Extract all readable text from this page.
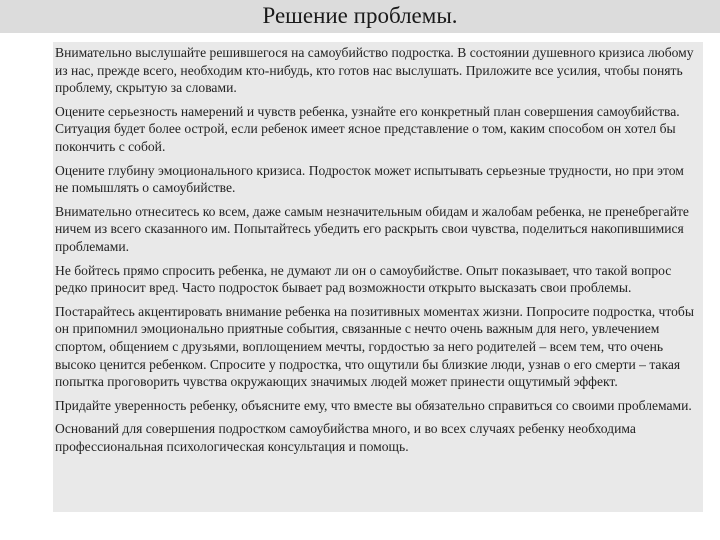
Решение проблемы.

Внимательно выслушайте решившегося на самоубийство подростка. В состоянии душевного кризиса любому из нас, прежде всего, необходим кто-нибудь, кто готов нас выслушать. Приложите все усилия, чтобы понять проблему, скрытую за словами.

Оцените серьезность намерений и чувств ребенка, узнайте его конкретный план совершения самоубийства. Ситуация будет более острой, если ребенок имеет ясное представление о том, каким способом он хотел бы покончить с собой.

Оцените глубину эмоционального кризиса. Подросток может испытывать серьезные трудности, но при этом не помышлять о самоубийстве.

Внимательно отнеситесь ко всем, даже самым незначительным обидам и жалобам ребенка, не пренебрегайте ничем из всего сказанного им. Попытайтесь убедить его раскрыть свои чувства, поделиться накопившимися проблемами.

Не бойтесь прямо спросить ребенка, не думают ли он о самоубийстве. Опыт показывает, что такой вопрос редко приносит вред. Часто подросток бывает рад возможности открыто высказать свои проблемы.

Постарайтесь акцентировать внимание ребенка на позитивных моментах жизни. Попросите подростка, чтобы он припомнил эмоционально приятные события, связанные с нечто очень важным для него, увлечением спортом, общением с друзьями, воплощением мечты, гордостью за него родителей – всем тем, что очень высоко ценится ребенком. Спросите у подростка, что ощутили бы близкие люди, узнав о его смерти – такая попытка проговорить чувства окружающих значимых людей может принести ощутимый эффект.

Придайте уверенность ребенку, объясните ему, что вместе вы обязательно справиться со своими проблемами.

Оснований для совершения подростком самоубийства много, и во всех случаях ребенку необходима профессиональная психологическая консультация и помощь.
